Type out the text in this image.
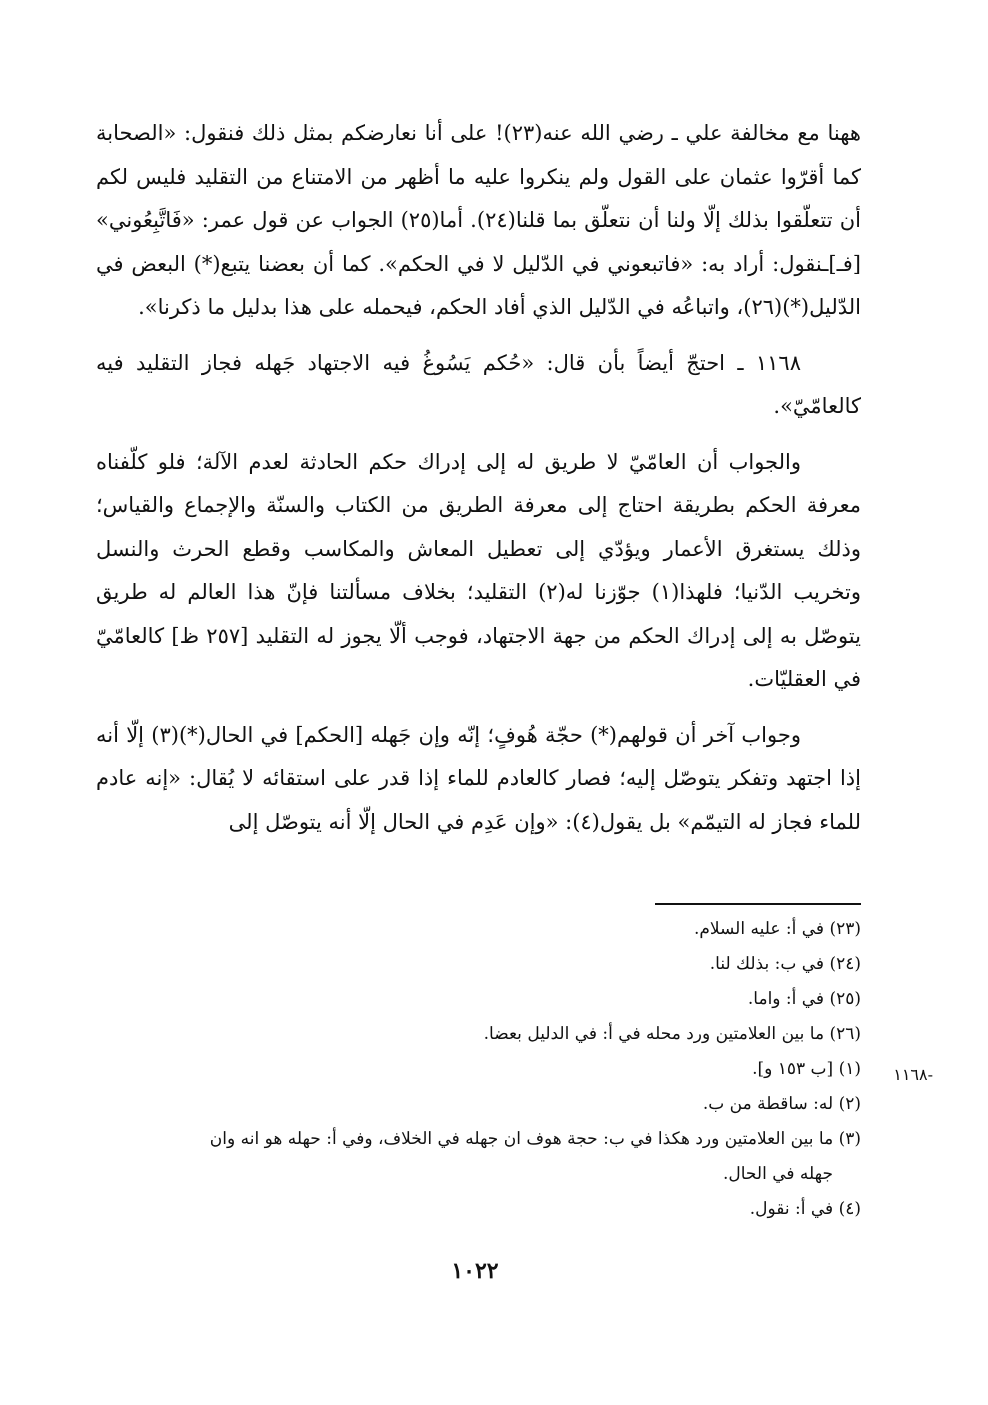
ههنا مع مخالفة علي ـ رضي الله عنه(٢٣)! على أنا نعارضكم بمثل ذلك فنقول: «الصحابة كما أقرّوا عثمان على القول ولم ينكروا عليه ما أظهر من الامتناع من التقليد فليس لكم أن تتعلّقوا بذلك إلّا ولنا أن نتعلّق بما قلنا(٢٤). أما(٢٥) الجواب عن قول عمر: «فَاتَّبِعُوني» [فـ]ـنقول: أراد به: «فاتبعوني في الدّليل لا في الحكم». كما أن بعضنا يتبع(*) البعض في الدّليل(*)(٢٦)، واتباعُه في الدّليل الذي أفاد الحكم، فيحمله على هذا بدليل ما ذكرنا».

١١٦٨ ـ احتجّ أيضاً بأن قال: «حُكم يَسُوغُ فيه الاجتهاد جَهله فجاز التقليد فيه كالعامّيّ».

والجواب أن العامّيّ لا طريق له إلى إدراك حكم الحادثة لعدم الآلة؛ فلو كلّفناه معرفة الحكم بطريقة احتاج إلى معرفة الطريق من الكتاب والسنّة والإجماع والقياس؛ وذلك يستغرق الأعمار ويؤدّي إلى تعطيل المعاش والمكاسب وقطع الحرث والنسل وتخريب الدّنيا؛ فلهذا(١) جوّزنا له(٢) التقليد؛ بخلاف مسألتنا فإنّ هذا العالم له طريق يتوصّل به إلى إدراك الحكم من جهة الاجتهاد، فوجب ألّا يجوز له التقليد [٢٥٧ ظ] كالعامّيّ في العقليّات.

وجواب آخر أن قولهم(*) حجّة هُوفٍ؛ إنّه وإن جَهله [الحكم] في الحال(*)(٣) إلّا أنه إذا اجتهد وتفكر يتوصّل إليه؛ فصار كالعادم للماء إذا قدر على استقائه لا يُقال: «إنه عادم للماء فجاز له التيمّم» بل يقول(٤): «وإن عَدِم في الحال إلّا أنه يتوصّل إلى

(٢٣) في أ: عليه السلام.

(٢٤) في ب: بذلك لنا.

(٢٥) في أ: واما.

(٢٦) ما بين العلامتين ورد محله في أ: في الدليل بعضا.

(١) [ب ١٥٣ و].

(٢) له: ساقطة من ب.

(٣) ما بين العلامتين ورد هكذا في ب: حجة هوف ان جهله في الخلاف، وفي أ: حهله هو انه وان

جهله في الحال.

(٤) في أ: نقول.

-١١٦٨
١٠٢٢
